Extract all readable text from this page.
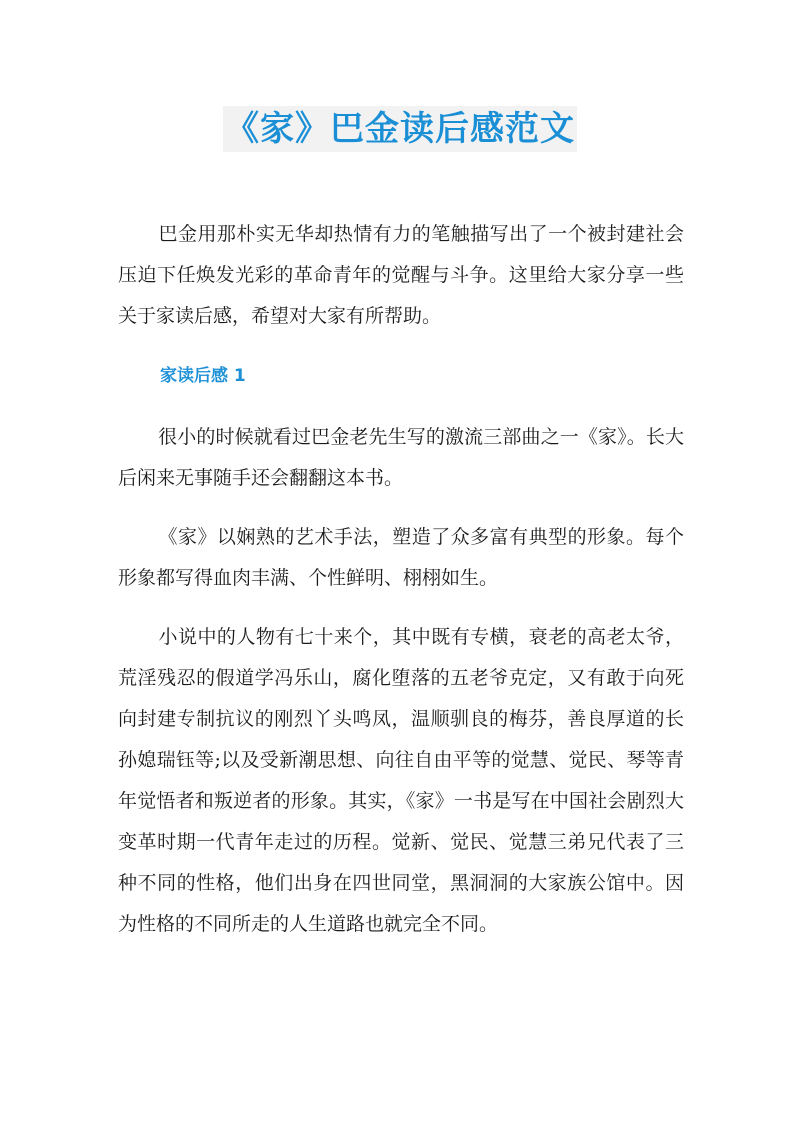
《家》巴金读后感范文

巴金用那朴实无华却热情有力的笔触描写出了一个被封建社会压迫下任焕发光彩的革命青年的觉醒与斗争。这里给大家分享一些关于家读后感，希望对大家有所帮助。

家读后感 1

很小的时候就看过巴金老先生写的激流三部曲之一《家》。长大后闲来无事随手还会翻翻这本书。

《家》以娴熟的艺术手法，塑造了众多富有典型的形象。每个形象都写得血肉丰满、个性鲜明、栩栩如生。

小说中的人物有七十来个，其中既有专横，衰老的高老太爷，荒淫残忍的假道学冯乐山，腐化堕落的五老爷克定，又有敢于向死向封建专制抗议的刚烈丫头鸣凤，温顺驯良的梅芬，善良厚道的长孙媳瑞钰等;以及受新潮思想、向往自由平等的觉慧、觉民、琴等青年觉悟者和叛逆者的形象。其实，《家》一书是写在中国社会剧烈大变革时期一代青年走过的历程。觉新、觉民、觉慧三弟兄代表了三种不同的性格，他们出身在四世同堂，黑洞洞的大家族公馆中。因为性格的不同所走的人生道路也就完全不同。
